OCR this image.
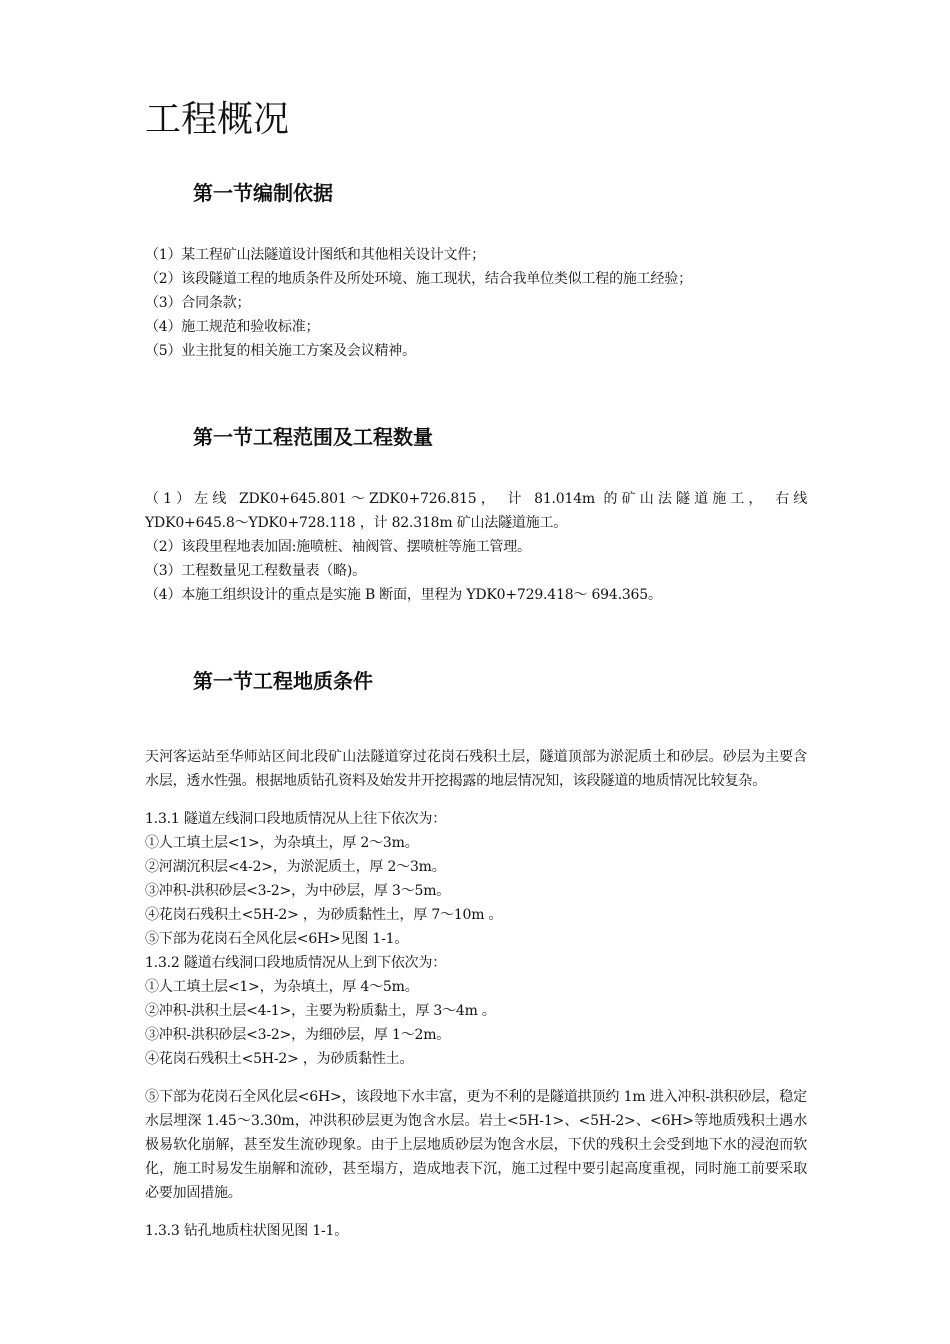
工程概况
第一节编制依据

（1）某工程矿山法隧道设计图纸和其他相关设计文件；

（2）该段隧道工程的地质条件及所处环境、施工现状，结合我单位类似工程的施工经验；

（3）合同条款；

（4）施工规范和验收标准；

（5）业主批复的相关施工方案及会议精神。

第一节工程范围及工程数量

（1）左线 ZDK0+645.801～ZDK0+726.815， 计 81.014m 的矿山法隧道施工， 右线

YDK0+645.8～YDK0+728.118 ，计 82.318m 矿山法隧道施工。

（2）该段里程地表加固:施喷桩、袖阀管、摆喷桩等施工管理。

（3）工程数量见工程数量表（略)。

（4）本施工组织设计的重点是实施 B 断面，里程为 YDK0+729.418～ 694.365。

第一节工程地质条件

天河客运站至华师站区间北段矿山法隧道穿过花岗石残积土层，隧道顶部为淤泥质土和砂层。砂层为主要含水层，透水性强。根据地质钻孔资料及始发井开挖揭露的地层情况知，该段隧道的地质情况比较复杂。

1.3.1 隧道左线洞口段地质情况从上往下依次为：

①人工填土层<1>，为杂填土，厚 2～3m。

②河湖沉积层<4-2>，为淤泥质土，厚 2～3m。

③冲积-洪积砂层<3-2>，为中砂层，厚 3～5m。

④花岗石残积土<5H-2> ，为砂质黏性土，厚 7～10m 。

⑤下部为花岗石全风化层<6H>见图 1-1。

1.3.2 隧道右线洞口段地质情况从上到下依次为：

①人工填土层<1>，为杂填土，厚 4～5m。

②冲积-洪积土层<4-1>，主要为粉质黏土，厚 3～4m 。

③冲积-洪积砂层<3-2>，为细砂层，厚 1～2m。

④花岗石残积土<5H-2> ，为砂质黏性土。

⑤下部为花岗石全风化层<6H>，该段地下水丰富，更为不利的是隧道拱顶约 1m 进入冲积-洪积砂层，稳定水层埋深 1.45～3.30m，冲洪积砂层更为饱含水层。岩土<5H-1>、<5H-2>、<6H>等地质残积土遇水极易软化崩解，甚至发生流砂现象。由于上层地质砂层为饱含水层，下伏的残积土会受到地下水的浸泡而软化，施工时易发生崩解和流砂，甚至塌方，造成地表下沉，施工过程中要引起高度重视，同时施工前要采取必要加固措施。

1.3.3 钻孔地质柱状图见图 1-1。
